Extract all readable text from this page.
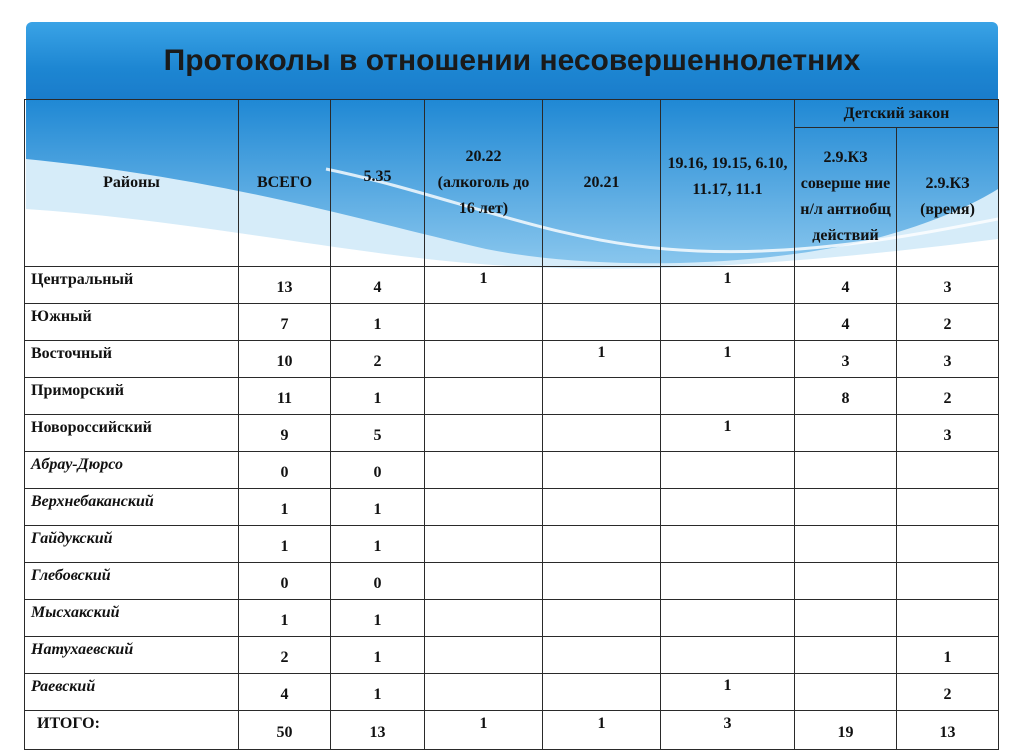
Протоколы в отношении несовершеннолетних
Районы	ВСЕГО	5.35	20.22 (алкоголь до 16 лет)	20.21	19.16, 19.15, 6.10, 11.17, 11.1	Детский закон	
						2.9.КЗ соверше ние н/л антиобщ действий	2.9.КЗ (время)
Центральный	13	4	1		1	4	3
Южный	7	1				4	2
Восточный	10	2		1	1	3	3
Приморский	11	1				8	2
Новороссийский	9	5			1		3
Абрау-Дюрсо	0	0					
Верхнебаканский	1	1					
Гайдукский	1	1					
Глебовский	0	0					
Мысхакский	1	1					
Натухаевский	2	1					1
Раевский	4	1			1		2
ИТОГО:	50	13	1	1	3	19	13
